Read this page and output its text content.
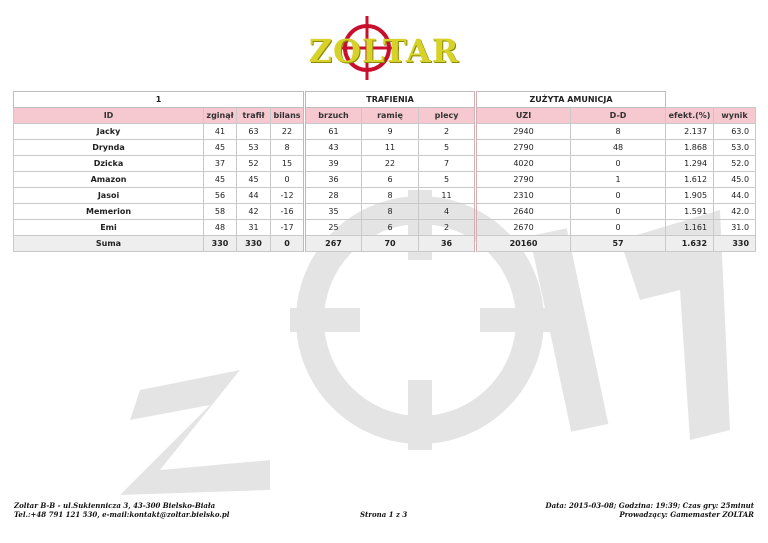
ZOLTAR
1				TRAFIENIA			ZUŻYTA AMUNICJA			
ID	zginął	trafił	bilans	brzuch	ramię	plecy	UZI	D-D	efekt.(%)	wynik
Jacky	41	63	22	61	9	2	2940	8	2.137	63.0
Drynda	45	53	8	43	11	5	2790	48	1.868	53.0
Dzicka	37	52	15	39	22	7	4020	0	1.294	52.0
Amazon	45	45	0	36	6	5	2790	1	1.612	45.0
Jasoi	56	44	-12	28	8	11	2310	0	1.905	44.0
Memerion	58	42	-16	35	8	4	2640	0	1.591	42.0
Emi	48	31	-17	25	6	2	2670	0	1.161	31.0
Suma	330	330	0	267	70	36	20160	57	1.632	330
Zoltar B-B - ul.Sukiennicza 3, 43-300 Bielsko-Biała
Tel.:+48 791 121 530, e-mail:kontakt@zoltar.bielsko.pl	Strona 1 z 3
Data: 2015-03-08; Godzina: 19:39; Czas gry: 25minut
Prowadzący: Gamemaster ZOLTAR
